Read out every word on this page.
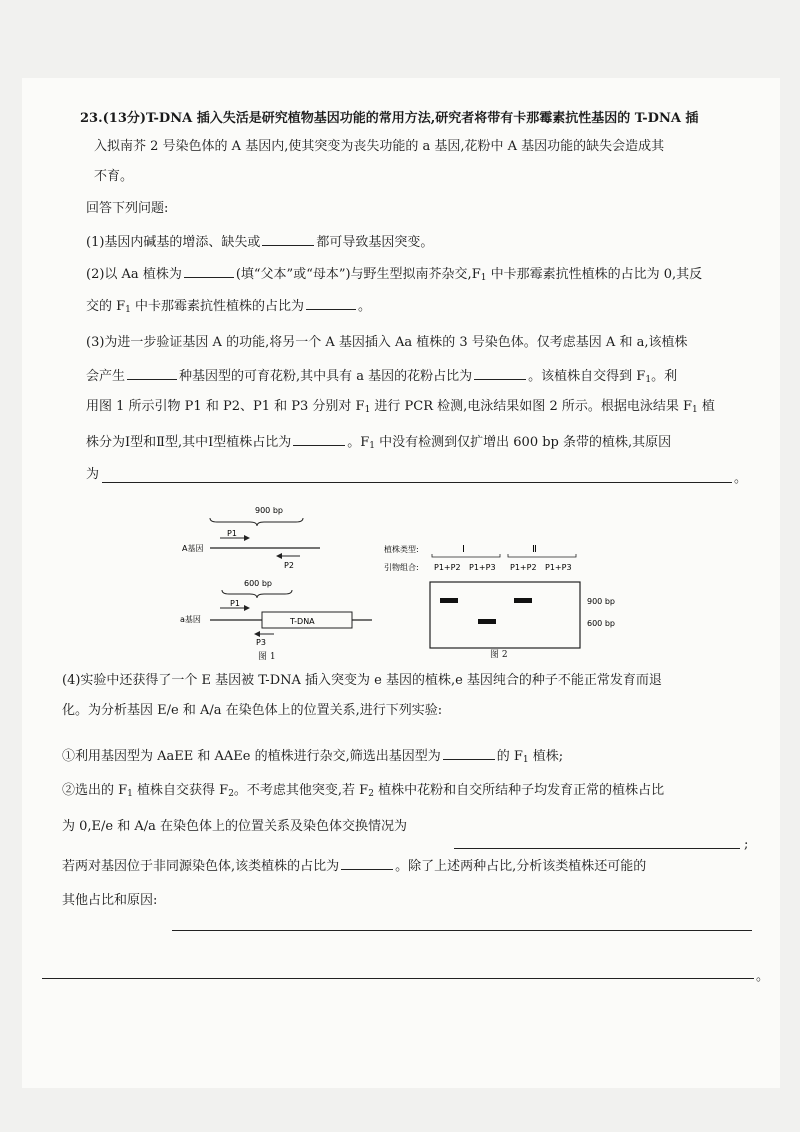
23.(13分)T-DNA 插入失活是研究植物基因功能的常用方法,研究者将带有卡那霉素抗性基因的 T-DNA 插
入拟南芥 2 号染色体的 A 基因内,使其突变为丧失功能的 a 基因,花粉中 A 基因功能的缺失会造成其
不育。
回答下列问题:
(1)基因内碱基的增添、缺失或	都可导致基因突变。
(2)以 Aa 植株为	(填“父本”或“母本”)与野生型拟南芥杂交$,F_1$ 中卡那霉素抗性植株的占比为 0,其反
交的 $F_1$ 中卡那霉素抗性植株的占比为	。
(3)为进一步验证基因 A 的功能,将另一个 A 基因插入 Aa 植株的 3 号染色体。仅考虑基因 A 和 a,该植株
会产生	种基因型的可育花粉,其中具有 a 基因的花粉占比为	。该植株自交得到 $F_1$。利
用图 1 所示引物 P1 和 P2、P1 和 P3 分别对 $F_1$ 进行 PCR 检测,电泳结果如图 2 所示。根据电泳结果 $F_1$ 植
株分为Ⅰ型和Ⅱ型,其中Ⅰ型植株占比为	。$F_1$ 中没有检测到仅扩增出 600 bp 条带的植株,其原因
为	。
900 bp
P1
A基因
P2
600 bp
P1
a基因	T-DNA
P3
图 1
植株类型:	Ⅰ	Ⅱ
引物组合: P1+P2 P1+P3 P1+P2 P1+P3
900 bp
600 bp
图 2
(4)实验中还获得了一个 E 基因被 T-DNA 插入突变为 e 基因的植株,e 基因纯合的种子不能正常发育而退
化。为分析基因 E/e 和 A/a 在染色体上的位置关系,进行下列实验:
①利用基因型为 AaEE 和 AAEe 的植株进行杂交,筛选出基因型为	的 $F_1$ 植株;
②选出的 $F_1$ 植株自交获得 $F_2$。不考虑其他突变,若 $F_2$ 植株中花粉和自交所结种子均发育正常的植株占比
为 0,E/e 和 A/a 在染色体上的位置关系及染色体交换情况为
;
若两对基因位于非同源染色体,该类植株的占比为	。除了上述两种占比,分析该类植株还可能的
其他占比和原因:
。
